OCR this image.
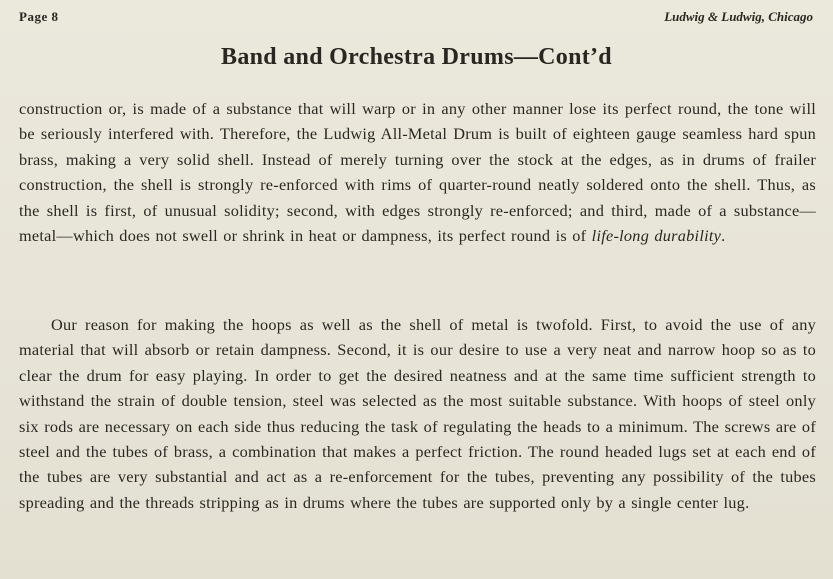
Page 8	Ludwig & Ludwig, Chicago
Band and Orchestra Drums—Cont’d

construction or, is made of a substance that will warp or in any other manner lose its perfect round, the tone will be seriously interfered with. Therefore, the Ludwig All-Metal Drum is built of eighteen gauge seamless hard spun brass, making a very solid shell. Instead of merely turning over the stock at the edges, as in drums of frailer construction, the shell is strongly re-enforced with rims of quarter-round neatly soldered onto the shell. Thus, as the shell is first, of unusual solidity; second, with edges strongly re-enforced; and third, made of a substance—metal—which does not swell or shrink in heat or dampness, its perfect round is of life-long durability.

Our reason for making the hoops as well as the shell of metal is twofold. First, to avoid the use of any material that will absorb or retain dampness. Second, it is our desire to use a very neat and narrow hoop so as to clear the drum for easy playing. In order to get the desired neatness and at the same time sufficient strength to withstand the strain of double tension, steel was selected as the most suitable substance. With hoops of steel only six rods are necessary on each side thus reducing the task of regulating the heads to a minimum. The screws are of steel and the tubes of brass, a combination that makes a perfect friction. The round headed lugs set at each end of the tubes are very substantial and act as a re-enforcement for the tubes, preventing any possibility of the tubes spreading and the threads stripping as in drums where the tubes are supported only by a single center lug.
